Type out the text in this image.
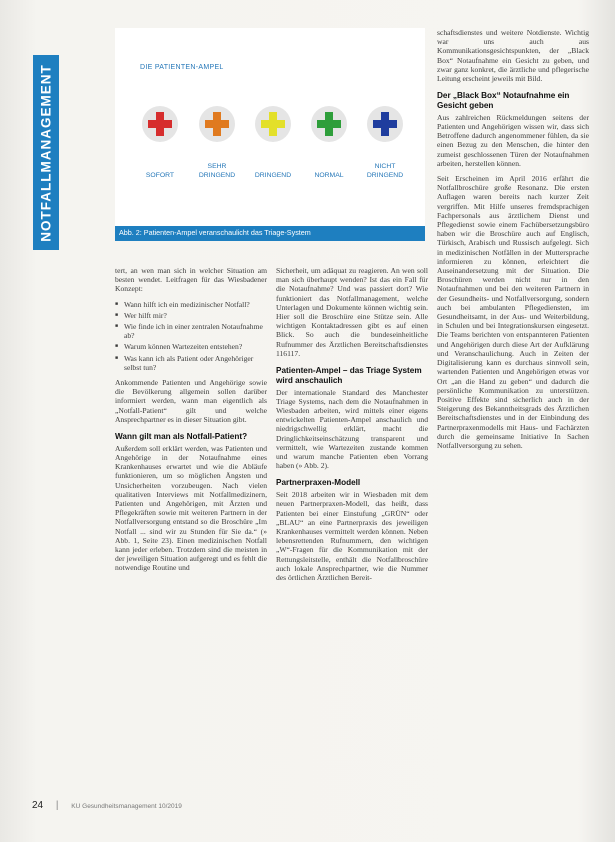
NOTFALLMANAGEMENT	DIE PATIENTEN-AMPEL

SOFORT
SEHR
DRINGEND
	DRINGEND
	NORMAL
NICHT
DRINGEND
Abb. 2: Patienten-Ampel veranschaulicht das Triage-System

tert, an wen man sich in welcher Situation am besten wendet. Leitfragen für das Wiesbadener Konzept:

■ Wann hilft ich ein medizinischer Notfall?
■ Wer hilft mir?
■ Wie finde ich in einer zentralen Notaufnahme ab?
■ Warum können Wartezeiten entstehen?
■ Was kann ich als Patient oder Angehöriger selbst tun?

Ankommende Patienten und Angehörige sowie die Bevölkerung allgemein sollen darüber informiert werden, wann man eigentlich als „Notfall-Patient“ gilt und welche Ansprechpartner es in dieser Situation gibt.

Wann gilt man als Notfall-Patient?

Außerdem soll erklärt werden, was Patienten und Angehörige in der Notaufnahme eines Krankenhauses erwartet und wie die Abläufe funktionieren, um so möglichen Ängsten und Unsicherheiten vorzubeugen. Nach vielen qualitativen Interviews mit Notfallmedizinern, Patienten und Angehörigen, mit Ärzten und Pflegekräften sowie mit weiteren Partnern in der Notfallversorgung entstand so die Broschüre „Im Notfall ... sind wir zu Stunden für Sie da.“ (» Abb. 1, Seite 23). Einen medizinischen Notfall kann jeder erleben. Trotzdem sind die meisten in der jeweiligen Situation aufgeregt und es fehlt die notwendige Routine und

Sicherheit, um adäquat zu reagieren. An wen soll man sich überhaupt wenden? Ist das ein Fall für die Notaufnahme? Und was passiert dort? Wie funktioniert das Notfallmanagement, welche Unterlagen und Dokumente können wichtig sein. Hier soll die Broschüre eine Stütze sein. Alle wichtigen Kontaktadressen gibt es auf einen Blick. So auch die bundeseinheitliche Rufnummer des Ärztlichen Bereitschaftsdienstes 116117.

Patienten-Ampel – das Triage System wird anschaulich

Der internationale Standard des Manchester Triage Systems, nach dem die Notaufnahmen in Wiesbaden arbeiten, wird mittels einer eigens entwickelten Patienten-Ampel anschaulich und niedrigschwellig erklärt, macht die Dringlichkeitseinschätzung transparent und vermittelt, wie Wartezeiten zustande kommen und warum manche Patienten eben Vorrang haben (» Abb. 2).

Partnerpraxen-Modell

Seit 2018 arbeiten wir in Wiesbaden mit dem neuen Partnerpraxen-Modell, das heißt, dass Patienten bei einer Einstufung „GRÜN“ oder „BLAU“ an eine Partnerpraxis des jeweiligen Krankenhauses vermittelt werden können. Neben lebensrettenden Rufnummern, den wichtigen „W“-Fragen für die Kommunikation mit der Rettungsleitstelle, enthält die Notfallbroschüre auch lokale Ansprechpartner, wie die Nummer des örtlichen Ärztlichen Bereit-

schaftsdienstes und weitere Notdienste. Wichtig war uns auch aus Kommunikationsgesichtspunkten, der „Black Box“ Notaufnahme ein Gesicht zu geben, und zwar ganz konkret, die ärztliche und pflegerische Leitung erscheint jeweils mit Bild.

Der „Black Box“ Notaufnahme ein Gesicht geben

Aus zahlreichen Rückmeldungen seitens der Patienten und Angehörigen wissen wir, dass sich Betroffene dadurch angenommener fühlen, da sie einen Bezug zu den Menschen, die hinter den zumeist geschlossenen Türen der Notaufnahmen arbeiten, herstellen können.

Seit Erscheinen im April 2016 erfährt die Notfallbroschüre große Resonanz. Die ersten Auflagen waren bereits nach kurzer Zeit vergriffen. Mit Hilfe unseres fremdsprachigen Fachpersonals aus ärztlichem Dienst und Pflegedienst sowie einem Fachübersetzungsbüro haben wir die Broschüre auch auf Englisch, Türkisch, Arabisch und Russisch aufgelegt. Sich in medizinischen Notfällen in der Muttersprache informieren zu können, erleichtert die Auseinandersetzung mit der Situation. Die Broschüren werden nicht nur in den Notaufnahmen und bei den weiteren Partnern in der Gesundheits- und Notfallversorgung, sondern auch bei ambulanten Pflegediensten, im Gesundheitsamt, in der Aus- und Weiterbildung, in Schulen und bei Integrationskursen eingesetzt. Die Teams berichten von entspannteren Patienten und Angehörigen durch diese Art der Aufklärung und Veranschaulichung. Auch in Zeiten der Digitalisierung kann es durchaus sinnvoll sein, wartenden Patienten und Angehörigen etwas vor Ort „an die Hand zu geben“ und dadurch die persönliche Kommunikation zu unterstützen. Positive Effekte sind sicherlich auch in der Steigerung des Bekanntheitsgrads des Ärztlichen Bereitschaftsdienstes und in der Einbindung des Partnerpraxenmodells mit Haus- und Fachärzten durch die gemeinsame Initiative In Sachen Notfallversorgung zu sehen.

24 | KU Gesundheitsmanagement 10/2019
